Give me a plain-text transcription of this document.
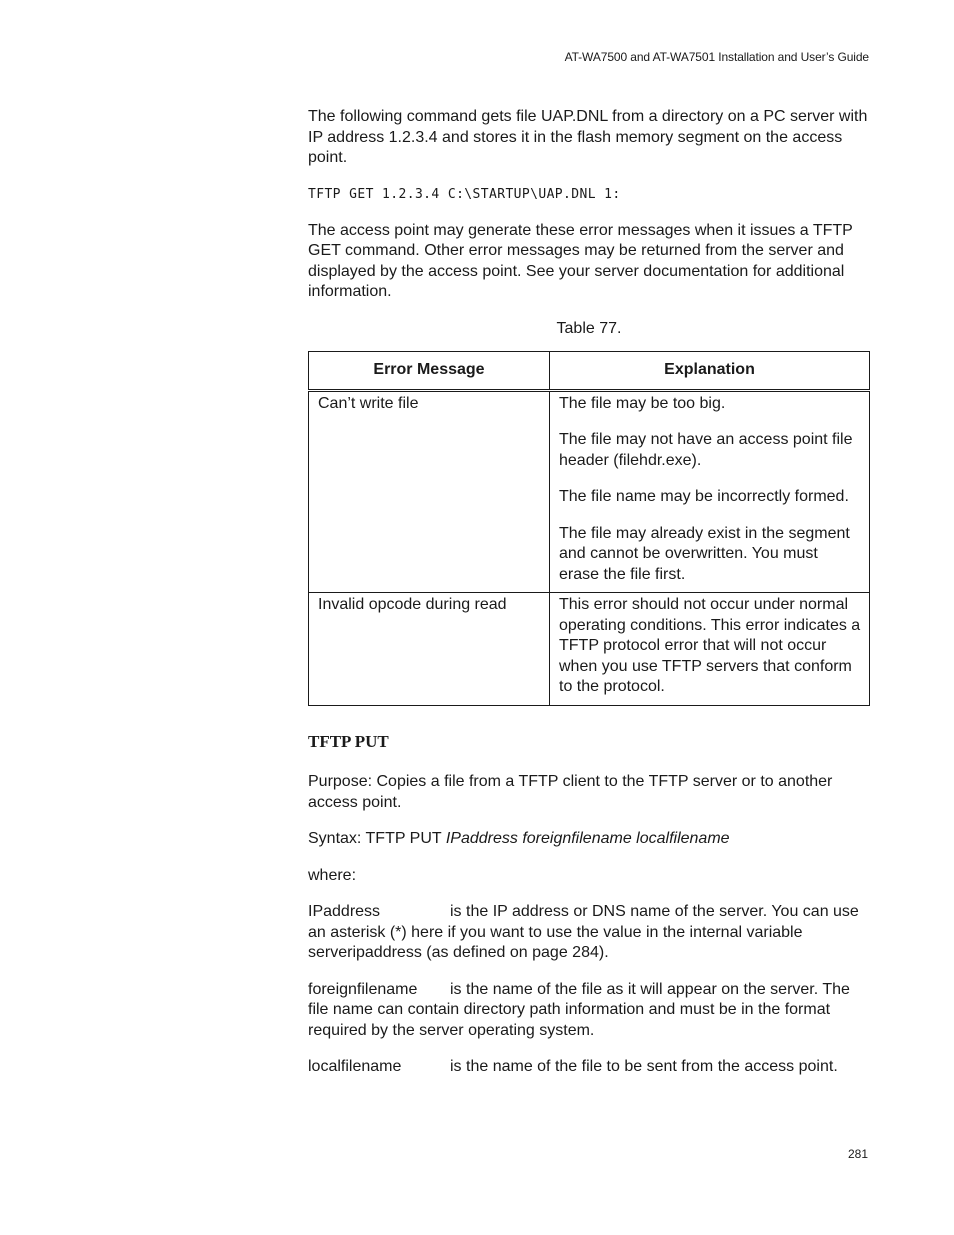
AT-WA7500 and AT-WA7501 Installation and User’s Guide

The following command gets file UAP.DNL from a directory on a PC server with IP address 1.2.3.4 and stores it in the flash memory segment on the access point.

TFTP GET 1.2.3.4 C:\STARTUP\UAP.DNL 1:

The access point may generate these error messages when it issues a TFTP GET command. Other error messages may be returned from the server and displayed by the access point. See your server documentation for additional information.

Table 77.
Error Message	Explanation

Can’t write file	The file may be too big.
The file may not have an access point file header (filehdr.exe).
The file name may be incorrectly formed.
The file may already exist in the segment and cannot be overwritten. You must erase the file first.

Invalid opcode during read	This error should not occur under normal operating conditions. This error indicates a TFTP protocol error that will not occur when you use TFTP servers that conform to the protocol.
TFTP PUT

Purpose: Copies a file from a TFTP client to the TFTP server or to another access point.

Syntax: TFTP PUT IPaddress foreignfilename localfilename

where:

IPaddress	is the IP address or DNS name of the server. You can use an asterisk (*) here if you want to use the value in the internal variable serveripaddress (as defined on page 284).

foreignfilename is the name of the file as it will appear on the server. The file name can contain directory path information and must be in the format required by the server operating system.

localfilename	is the name of the file to be sent from the access point.

281
